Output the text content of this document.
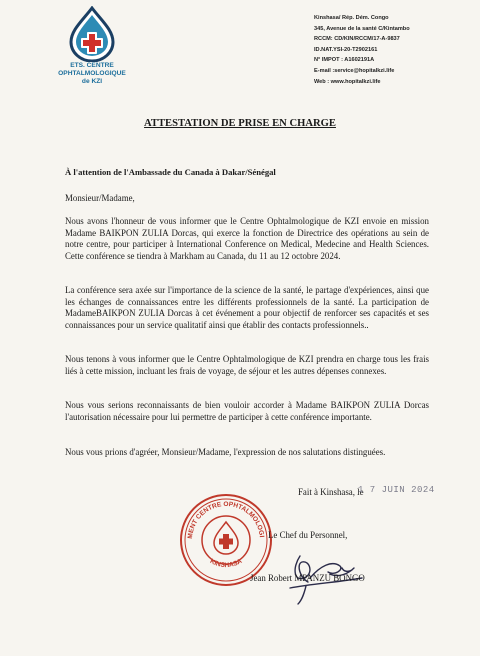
ETS. CENTRE
OPHTALMOLOGIQUE
de KZI
Kinshasa/ Rép. Dém. Congo
345, Avenue de la santé C/Kintambo
RCCM: CD/KIN/RCCM/17-A-9837
ID.NAT.YSI-20-T2902161
N° IMPOT : A1602191A
E-mail :service@hopitalkzi.life
Web : www.hopitalkzi.life
ATTESTATION DE PRISE EN CHARGE
À l'attention de l'Ambassade du Canada à Dakar/Sénégal
Monsieur/Madame,
Nous avons l'honneur de vous informer que le Centre Ophtalmologique de KZI envoie en mission Madame BAIKPON ZULIA Dorcas, qui exerce la fonction de Directrice des opérations au sein de notre centre, pour participer à International Conference on Medical, Medecine and Health Sciences. Cette conférence se tiendra à Markham au Canada, du 11 au 12 octobre 2024.
La conférence sera axée sur l'importance de la science de la santé, le partage d'expériences, ainsi que les échanges de connaissances entre les différents professionnels de la santé. La participation de MadameBAIKPON ZULIA Dorcas à cet événement a pour objectif de renforcer ses capacités et ses connaissances pour un service qualitatif ainsi que établir des contacts professionnels..
Nous tenons à vous informer que le Centre Ophtalmologique de KZI prendra en charge tous les frais liés à cette mission, incluant les frais de voyage, de séjour et les autres dépenses connexes.
Nous vous serions reconnaissants de bien vouloir accorder à Madame BAIKPON ZULIA Dorcas l'autorisation nécessaire pour lui permettre de participer à cette conférence importante.
Nous vous prions d'agréer, Monsieur/Madame, l'expression de nos salutations distinguées.
Fait à Kinshasa, le
1 7 JUIN 2024
MENT CENTRE OPHTALMOLOGI
KINSHASA
Le Chef du Personnel,
Jean Robert MPANZU BONGO
